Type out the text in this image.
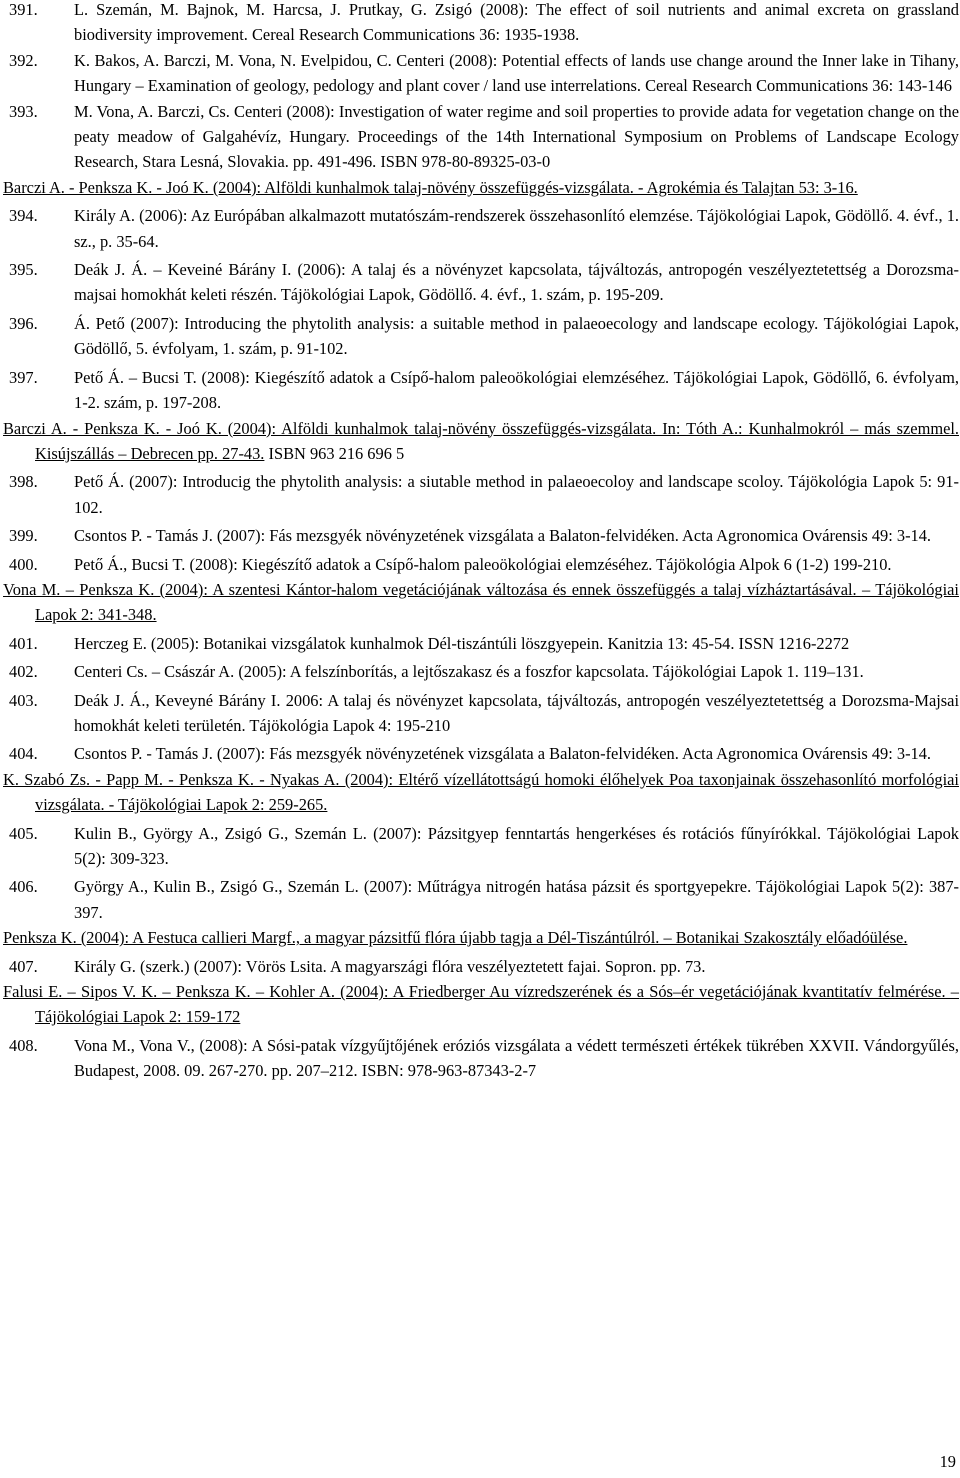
391. L. Szemán, M. Bajnok, M. Harcsa, J. Prutkay, G. Zsigó (2008): The effect of soil nutrients and animal excreta on grassland biodiversity improvement. Cereal Research Communications 36: 1935-1938.

392. K. Bakos, A. Barczi, M. Vona, N. Evelpidou, C. Centeri (2008): Potential effects of lands use change around the Inner lake in Tihany, Hungary – Examination of geology, pedology and plant cover / land use interrelations. Cereal Research Communications 36: 143-146

393. M. Vona, A. Barczi, Cs. Centeri (2008): Investigation of water regime and soil properties to provide adata for vegetation change on the peaty meadow of Galgahévíz, Hungary. Proceedings of the 14th International Symposium on Problems of Landscape Ecology Research, Stara Lesná, Slovakia. pp. 491-496. ISBN 978-80-89325-03-0

Barczi A. - Penksza K. - Joó K. (2004): Alföldi kunhalmok talaj-növény összefüggés-vizsgálata. - Agrokémia és Talajtan 53: 3-16.

394. Király A. (2006): Az Európában alkalmazott mutatószám-rendszerek összehasonlító elemzése. Tájökológiai Lapok, Gödöllő. 4. évf., 1. sz., p. 35-64.

395. Deák J. Á. – Keveiné Bárány I. (2006): A talaj és a növényzet kapcsolata, tájváltozás, antropogén veszélyeztetettség a Dorozsma-majsai homokhát keleti részén. Tájökológiai Lapok, Gödöllő. 4. évf., 1. szám, p. 195-209.

396. Á. Pető (2007): Introducing the phytolith analysis: a suitable method in palaeoecology and landscape ecology. Tájökológiai Lapok, Gödöllő, 5. évfolyam, 1. szám, p. 91-102.

397. Pető Á. – Bucsi T. (2008): Kiegészítő adatok a Csípő-halom paleoökológiai elemzéséhez. Tájökológiai Lapok, Gödöllő, 6. évfolyam, 1-2. szám, p. 197-208.

Barczi A. - Penksza K. - Joó K. (2004): Alföldi kunhalmok talaj-növény összefüggés-vizsgálata. In: Tóth A.: Kunhalmokról – más szemmel. Kisújszállás – Debrecen pp. 27-43. ISBN 963 216 696 5

398. Pető Á. (2007): Introducig the phytolith analysis: a siutable method in palaeoecoloy and landscape scoloy. Tájökológia Lapok 5: 91-102.

399. Csontos P. - Tamás J. (2007): Fás mezsgyék növényzetének vizsgálata a Balaton-felvidéken. Acta Agronomica Ovárensis 49: 3-14.

400. Pető Á., Bucsi T. (2008): Kiegészítő adatok a Csípő-halom paleoökológiai elemzéséhez. Tájökológia Alpok 6 (1-2) 199-210.

Vona M. – Penksza K. (2004): A szentesi Kántor-halom vegetációjának változása és ennek összefüggés a talaj vízháztartásával. – Tájökológiai Lapok 2: 341-348.

401. Herczeg E. (2005): Botanikai vizsgálatok kunhalmok Dél-tiszántúli löszgyepein. Kanitzia 13: 45-54. ISSN 1216-2272

402. Centeri Cs. – Császár A. (2005): A felszínborítás, a lejtőszakasz és a foszfor kapcsolata. Tájökológiai Lapok 1. 119–131.

403. Deák J. Á., Keveyné Bárány I. 2006: A talaj és növényzet kapcsolata, tájváltozás, antropogén veszélyeztetettség a Dorozsma-Majsai homokhát keleti területén. Tájökológia Lapok 4: 195-210

404. Csontos P. - Tamás J. (2007): Fás mezsgyék növényzetének vizsgálata a Balaton-felvidéken. Acta Agronomica Ovárensis 49: 3-14.

K. Szabó Zs. - Papp M. - Penksza K. - Nyakas A. (2004): Eltérő vízellátottságú homoki élőhelyek Poa taxonjainak összehasonlító morfológiai vizsgálata. - Tájökológiai Lapok 2: 259-265.

405. Kulin B., György A., Zsigó G., Szemán L. (2007): Pázsitgyep fenntartás hengerkéses és rotációs fűnyírókkal. Tájökológiai Lapok 5(2): 309-323.

406. György A., Kulin B., Zsigó G., Szemán L. (2007): Műtrágya nitrogén hatása pázsit és sportgyepekre. Tájökológiai Lapok 5(2): 387-397.

Penksza K. (2004): A Festuca callieri Margf., a magyar pázsitfű flóra újabb tagja a Dél-Tiszántúlról. – Botanikai Szakosztály előadóülése.

407. Király G. (szerk.) (2007): Vörös Lsita. A magyarszági flóra veszélyeztetett fajai. Sopron. pp. 73.

Falusi E. – Sipos V. K. – Penksza K. – Kohler A. (2004): A Friedberger Au vízredszerének és a Sós–ér vegetációjának kvantitatív felmérése. – Tájökológiai Lapok 2: 159-172

408. Vona M., Vona V., (2008): A Sósi-patak vízgyűjtőjének eróziós vizsgálata a védett természeti értékek tükrében XXVII. Vándorgyűlés, Budapest, 2008. 09. 267-270. pp. 207–212. ISBN: 978-963-87343-2-7

19
